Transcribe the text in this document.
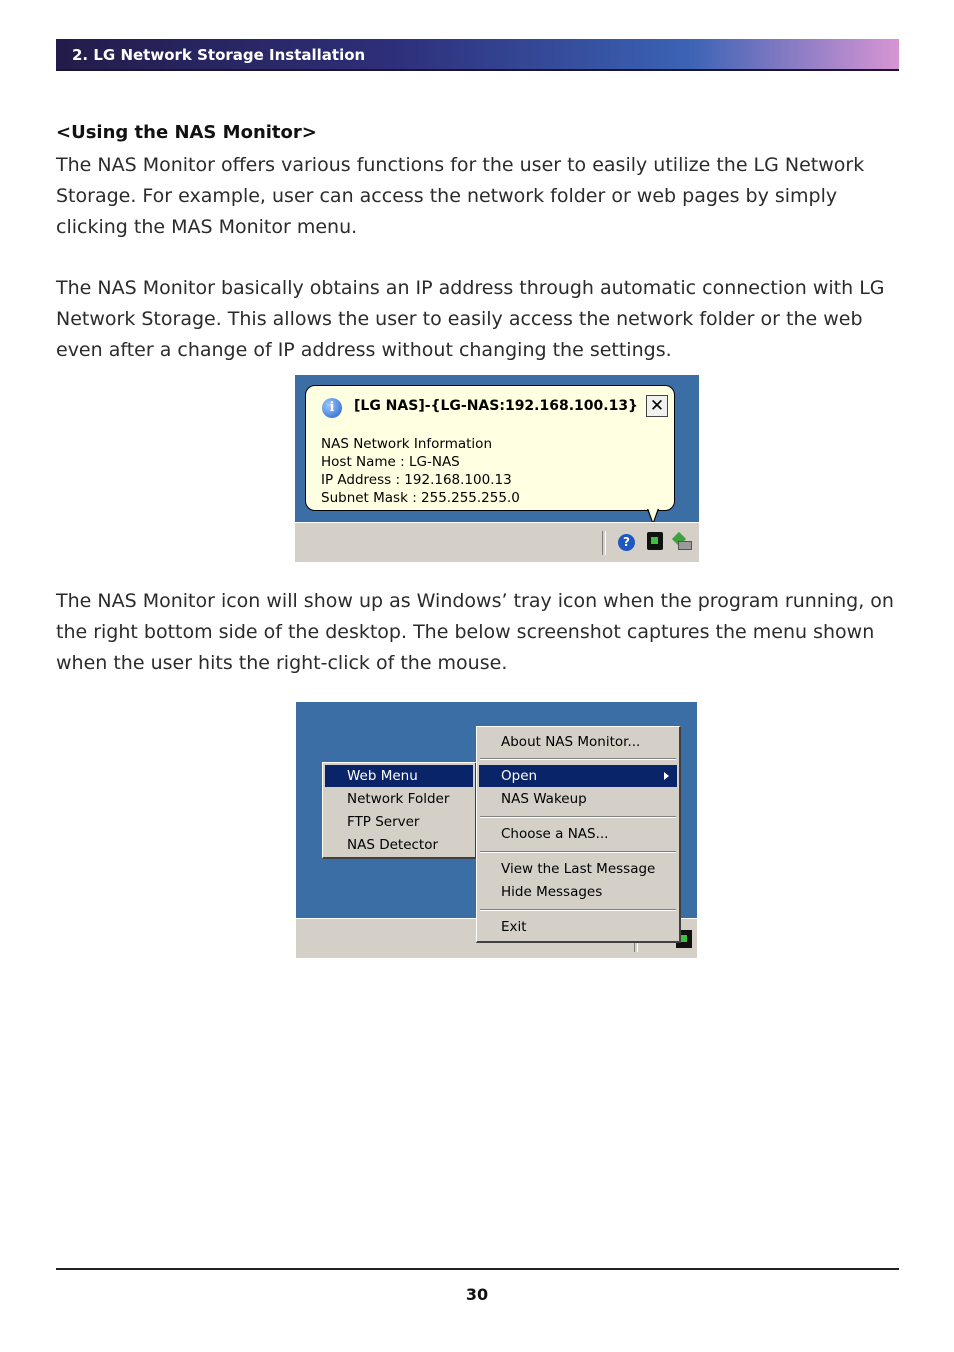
2. LG Network Storage Installation
<Using the NAS Monitor>

The NAS Monitor offers various functions for the user to easily utilize the LG Network Storage. For example, user can access the network folder or web pages by simply clicking the MAS Monitor menu.

The NAS Monitor basically obtains an IP address through automatic connection with LG Network Storage. This allows the user to easily access the network folder or the web even after a change of IP address without changing the settings.

i	[LG NAS]-{LG-NAS:192.168.100.13} ✕
NAS Network Information
Host Name : LG-NAS
IP Address : 192.168.100.13
Subnet Mask : 255.255.255.0
?

The NAS Monitor icon will show up as Windows’ tray icon when the program running, on the right bottom side of the desktop. The below screenshot captures the menu shown when the user hits the right-click of the mouse.

Web Menu
Network Folder
FTP Server
NAS Detector
About NAS Monitor...
Open
NAS Wakeup
Choose a NAS...
View the Last Message
Hide Messages
Exit
30
